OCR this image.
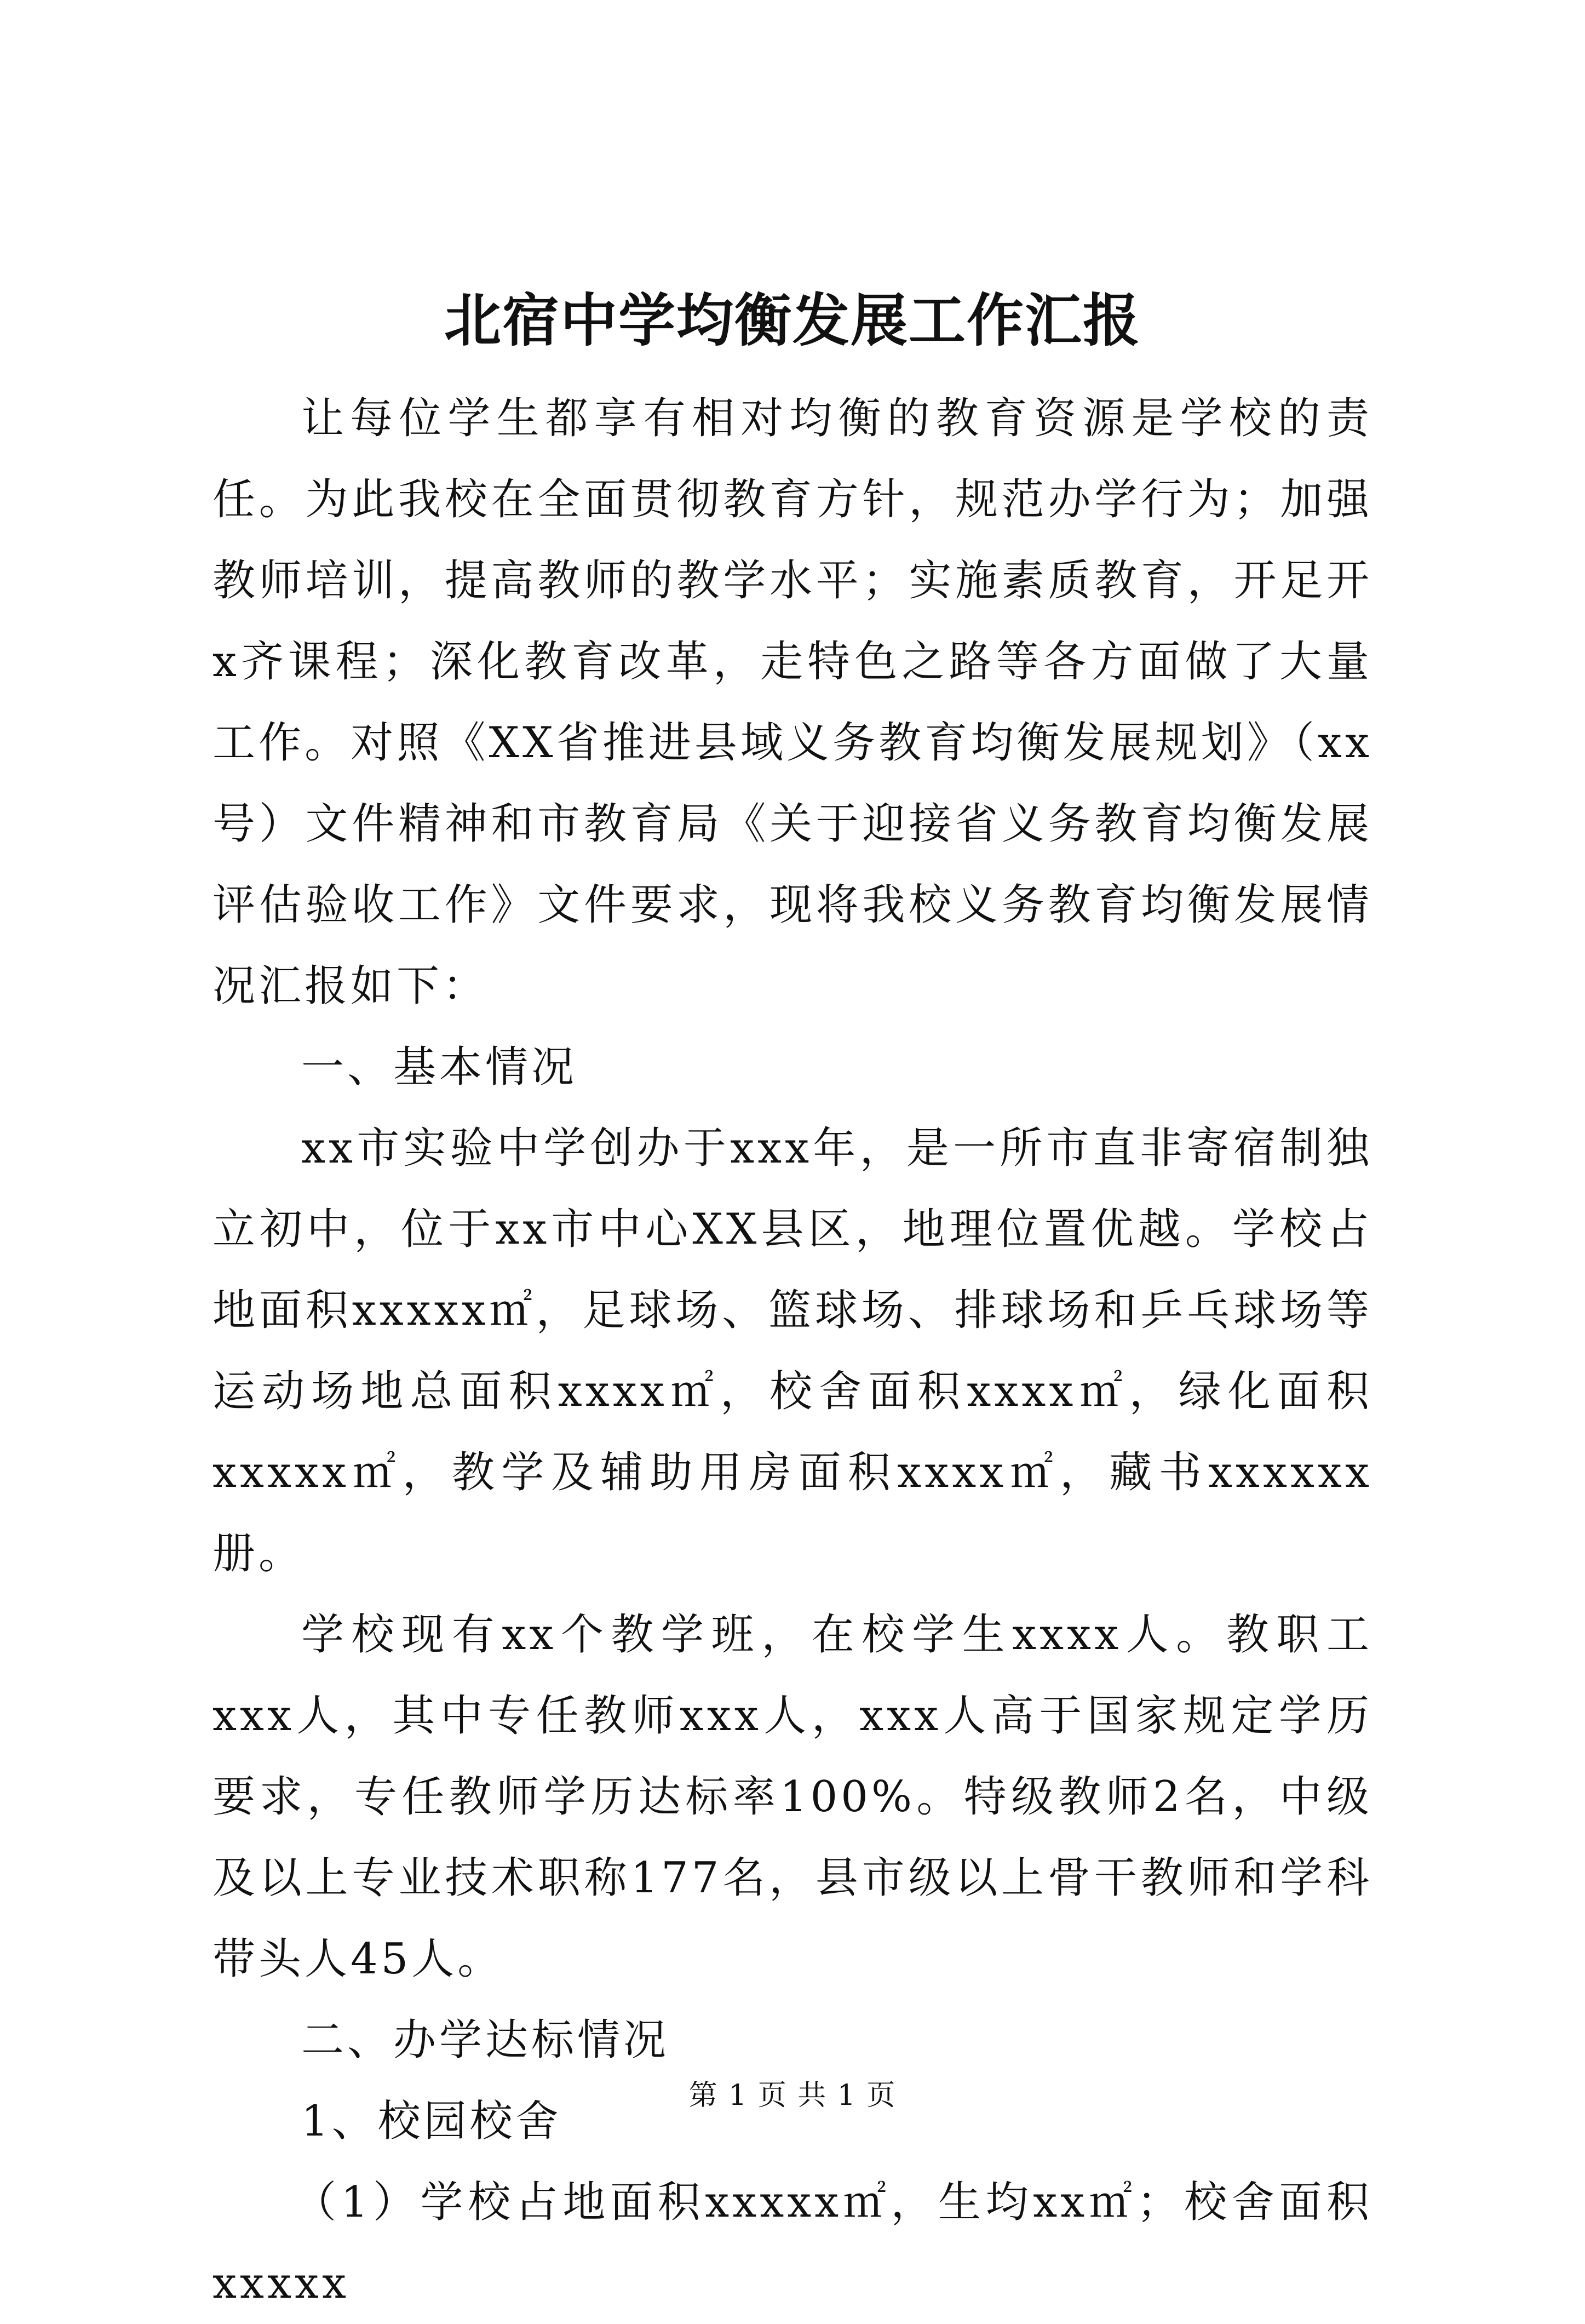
北宿中学均衡发展工作汇报

让每位学生都享有相对均衡的教育资源是学校的责任。为此我校在全面贯彻教育方针，规范办学行为；加强教师培训，提高教师的教学水平；实施素质教育，开足开x齐课程；深化教育改革，走特色之路等各方面做了大量工作。对照《XX省推进县域义务教育均衡发展规划》（xx号）文件精神和市教育局《关于迎接省义务教育均衡发展评估验收工作》文件要求，现将我校义务教育均衡发展情况汇报如下：

一、基本情况

xx市实验中学创办于xxx年，是一所市直非寄宿制独立初中，位于xx市中心XX县区，地理位置优越。学校占地面积xxxxx㎡，足球场、篮球场、排球场和乒乓球场等运动场地总面积xxxx㎡，校舍面积xxxx㎡，绿化面积xxxxx㎡，教学及辅助用房面积xxxx㎡，藏书xxxxxx册。

学校现有xx个教学班，在校学生xxxx人。教职工xxx人，其中专任教师xxx人，xxx人高于国家规定学历要求，专任教师学历达标率100%。特级教师2名，中级及以上专业技术职称177名，县市级以上骨干教师和学科带头人45人。

二、办学达标情况

1、校园校舍

（1）学校占地面积xxxxx㎡，生均xx㎡；校舍面积xxxxx

第 1 页 共 1 页
